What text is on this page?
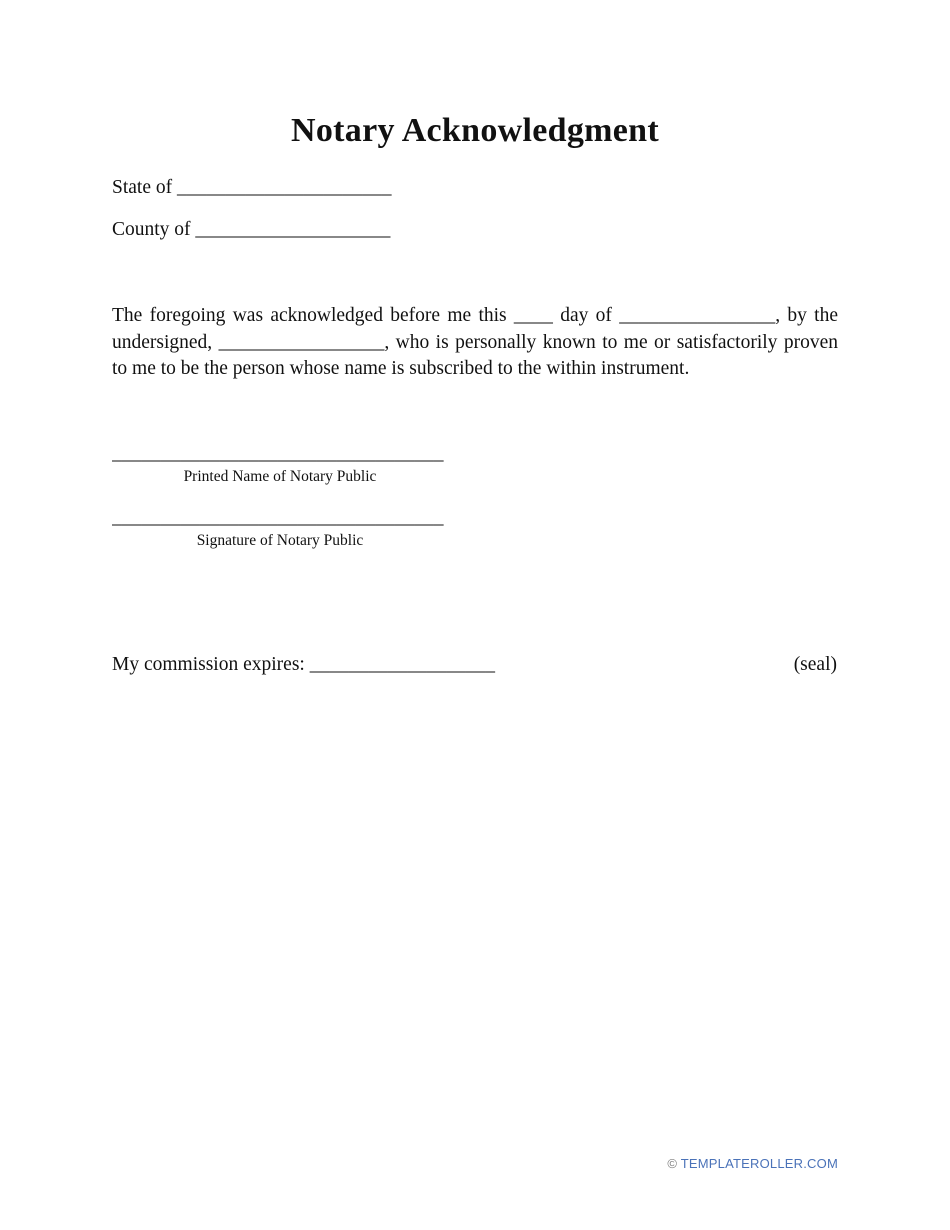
Notary Acknowledgment
State of ______________________
County of ____________________

The foregoing was acknowledged before me this ____ day of ________________, by the undersigned, _________________, who is personally known to me or satisfactorily proven to me to be the person whose name is subscribed to the within instrument.

__________________________________
Printed Name of Notary Public
__________________________________
Signature of Notary Public
My commission expires: ___________________	(seal)
© TEMPLATEROLLER.COM
